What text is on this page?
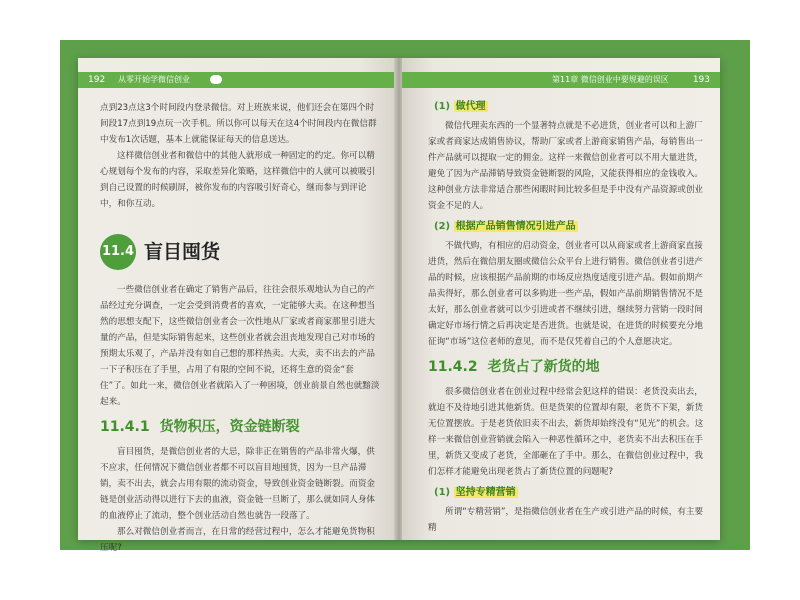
192 从零开始学微信创业

点到23点这3个时间段内登录微信。对上班族来说，他们还会在第四个时间段17点到19点玩一次手机。所以你可以每天在这4个时间段内在微信群中发布1次话题，基本上就能保证每天的信息送达。

这样微信创业者和微信中的其他人就形成一种固定的约定。你可以精心规划每个发布的内容，采取差异化策略，这样微信中的人就可以被吸引到自己设置的时候刷屏，被你发布的内容吸引好奇心，继而参与到评论中，和你互动。

11.4 盲目囤货

一些微信创业者在确定了销售产品后，往往会很乐观地认为自己的产品经过充分调查，一定会受到消费者的喜欢，一定能够大卖。在这种想当然的思想支配下，这些微信创业者会一次性地从厂家或者商家那里引进大量的产品，但是实际销售起来，这些创业者就会沮丧地发现自己对市场的预期太乐观了，产品并没有如自己想的那样热卖。大卖，卖不出去的产品一下子积压在了手里，占用了有限的空间不说，还将生意的资金“套住”了。如此一来，微信创业者就陷入了一种困境，创业前景自然也就黯淡起来。

11.4.1 货物积压，资金链断裂

盲目囤货，是微信创业者的大忌，除非正在销售的产品非常火爆，供不应求，任何情况下微信创业者都不可以盲目地囤货，因为一旦产品滞销，卖不出去，就会占用有限的流动资金，导致创业资金链断裂。而资金链是创业活动得以进行下去的血液，资金链一旦断了，那么就如同人身体的血液停止了流动，整个创业活动自然也就告一段落了。

那么对微信创业者而言，在日常的经营过程中，怎么才能避免货物积压呢?

第11章 微信创业中要规避的误区	193
(1) 做代理

微信代理卖东西的一个显著特点就是不必进货，创业者可以和上游厂家或者商家达成销售协议，帮助厂家或者上游商家销售产品，每销售出一件产品就可以提取一定的佣金。这样一来微信创业者可以不用大量进货，避免了因为产品滞销导致资金链断裂的风险，又能获得相应的金钱收入。这种创业方法非常适合那些闲暇时间比较多但是手中没有产品资源或创业资金不足的人。

(2) 根据产品销售情况引进产品

不做代购，有相应的启动资金，创业者可以从商家或者上游商家直接进货，然后在微信朋友圈或微信公众平台上进行销售。微信创业者引进产品的时候，应该根据产品前期的市场反应热度适度引进产品。假如前期产品卖得好，那么创业者可以多购进一些产品，假如产品前期销售情况不是太好，那么创业者就可以少引进或者不继续引进，继续努力营销一段时间确定好市场行情之后再决定是否进货。也就是说，在进货的时候要充分地征询“市场”这位老师的意见，而不是仅凭着自己的个人意愿决定。

11.4.2 老货占了新货的地

很多微信创业者在创业过程中经常会犯这样的错误：老货没卖出去，就迫不及待地引进其他新货。但是货架的位置却有限，老货不下架，新货无位置摆放。于是老货依旧卖不出去，新货却始终没有“见光”的机会。这样一来微信创业营销就会陷入一种恶性循环之中，老货卖不出去积压在手里，新货又变成了老货，全部砸在了手中。那么，在微信创业过程中，我们怎样才能避免出现老货占了新货位置的问题呢?

(1) 坚持专精营销

所谓“专精营销”，是指微信创业者在生产或引进产品的时候，有主要精
